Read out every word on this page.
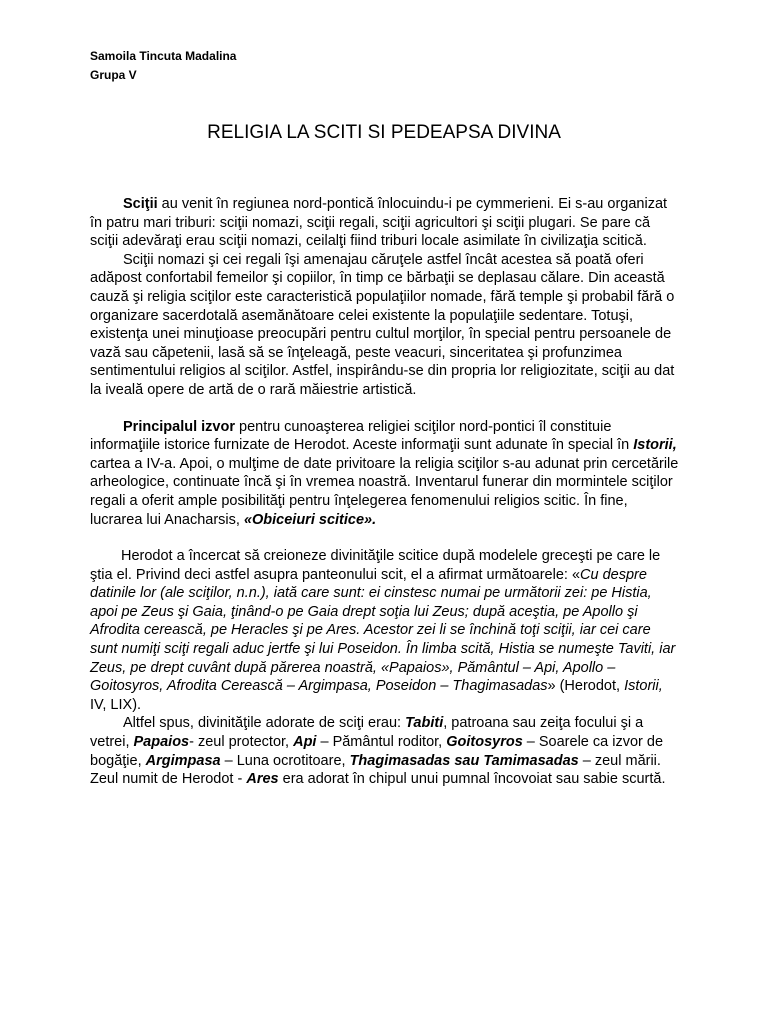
Samoila Tincuta Madalina
Grupa V
RELIGIA LA SCITI SI PEDEAPSA DIVINA

Sciţii au venit în regiunea nord-pontică înlocuindu-i pe cymmerieni. Ei s-au organizat în patru mari triburi: sciţii nomazi, sciţii regali, sciţii agricultori şi sciţii plugari. Se pare că sciţii adevăraţi erau sciţii nomazi, ceilalţi fiind triburi locale asimilate în civilizaţia scitică.

Sciţii nomazi şi cei regali îşi amenajau căruţele astfel încât acestea să poată oferi adăpost confortabil femeilor şi copiilor, în timp ce bărbaţii se deplasau călare. Din această cauză şi religia sciţilor este caracteristică populaţiilor nomade, fără temple şi probabil fără o organizare sacerdotală asemănătoare celei existente la populaţiile sedentare. Totuşi, existenţa unei minuţioase preocupări pentru cultul morţilor, în special pentru persoanele de vază sau căpetenii, lasă să se înţeleagă, peste veacuri, sinceritatea şi profunzimea sentimentului religios al sciţilor. Astfel, inspirându-se din propria lor religiozitate, sciţii au dat la iveală opere de artă de o rară măiestrie artistică.

Principalul izvor pentru cunoaşterea religiei sciţilor nord-pontici îl constituie informaţiile istorice furnizate de Herodot. Aceste informaţii sunt adunate în special în Istorii, cartea a IV-a. Apoi, o mulţime de date privitoare la religia sciţilor s-au adunat prin cercetările arheologice, continuate încă şi în vremea noastră. Inventarul funerar din mormintele sciţilor regali a oferit ample posibilităţi pentru înţelegerea fenomenului religios scitic. În fine, lucrarea lui Anacharsis, «Obiceiuri scitice».

Herodot a încercat să creioneze divinităţile scitice după modelele greceşti pe care le ştia el. Privind deci astfel asupra panteonului scit, el a afirmat următoarele: «Cu despre datinile lor (ale sciţilor, n.n.), iată care sunt: ei cinstesc numai pe următorii zei: pe Histia, apoi pe Zeus şi Gaia, ţinând-o pe Gaia drept soţia lui Zeus; după aceştia, pe Apollo şi Afrodita cerească, pe Heracles şi pe Ares. Acestor zei li se închină toţi sciţii, iar cei care sunt numiţi sciţi regali aduc jertfe şi lui Poseidon. În limba scită, Histia se numeşte Taviti, iar Zeus, pe drept cuvânt după părerea noastră, «Papaios», Pământul – Api, Apollo – Goitosyros, Afrodita Cerească – Argimpasa, Poseidon – Thagimasadas» (Herodot, Istorii, IV, LIX).

Altfel spus, divinităţile adorate de sciţi erau: Tabiti, patroana sau zeiţa focului şi a vetrei, Papaios- zeul protector, Api – Pământul roditor, Goitosyros – Soarele ca izvor de bogăţie, Argimpasa – Luna ocrotitoare, Thagimasadas sau Tamimasadas – zeul mării. Zeul numit de Herodot - Ares era adorat în chipul unui pumnal încovoiat sau sabie scurtă.
